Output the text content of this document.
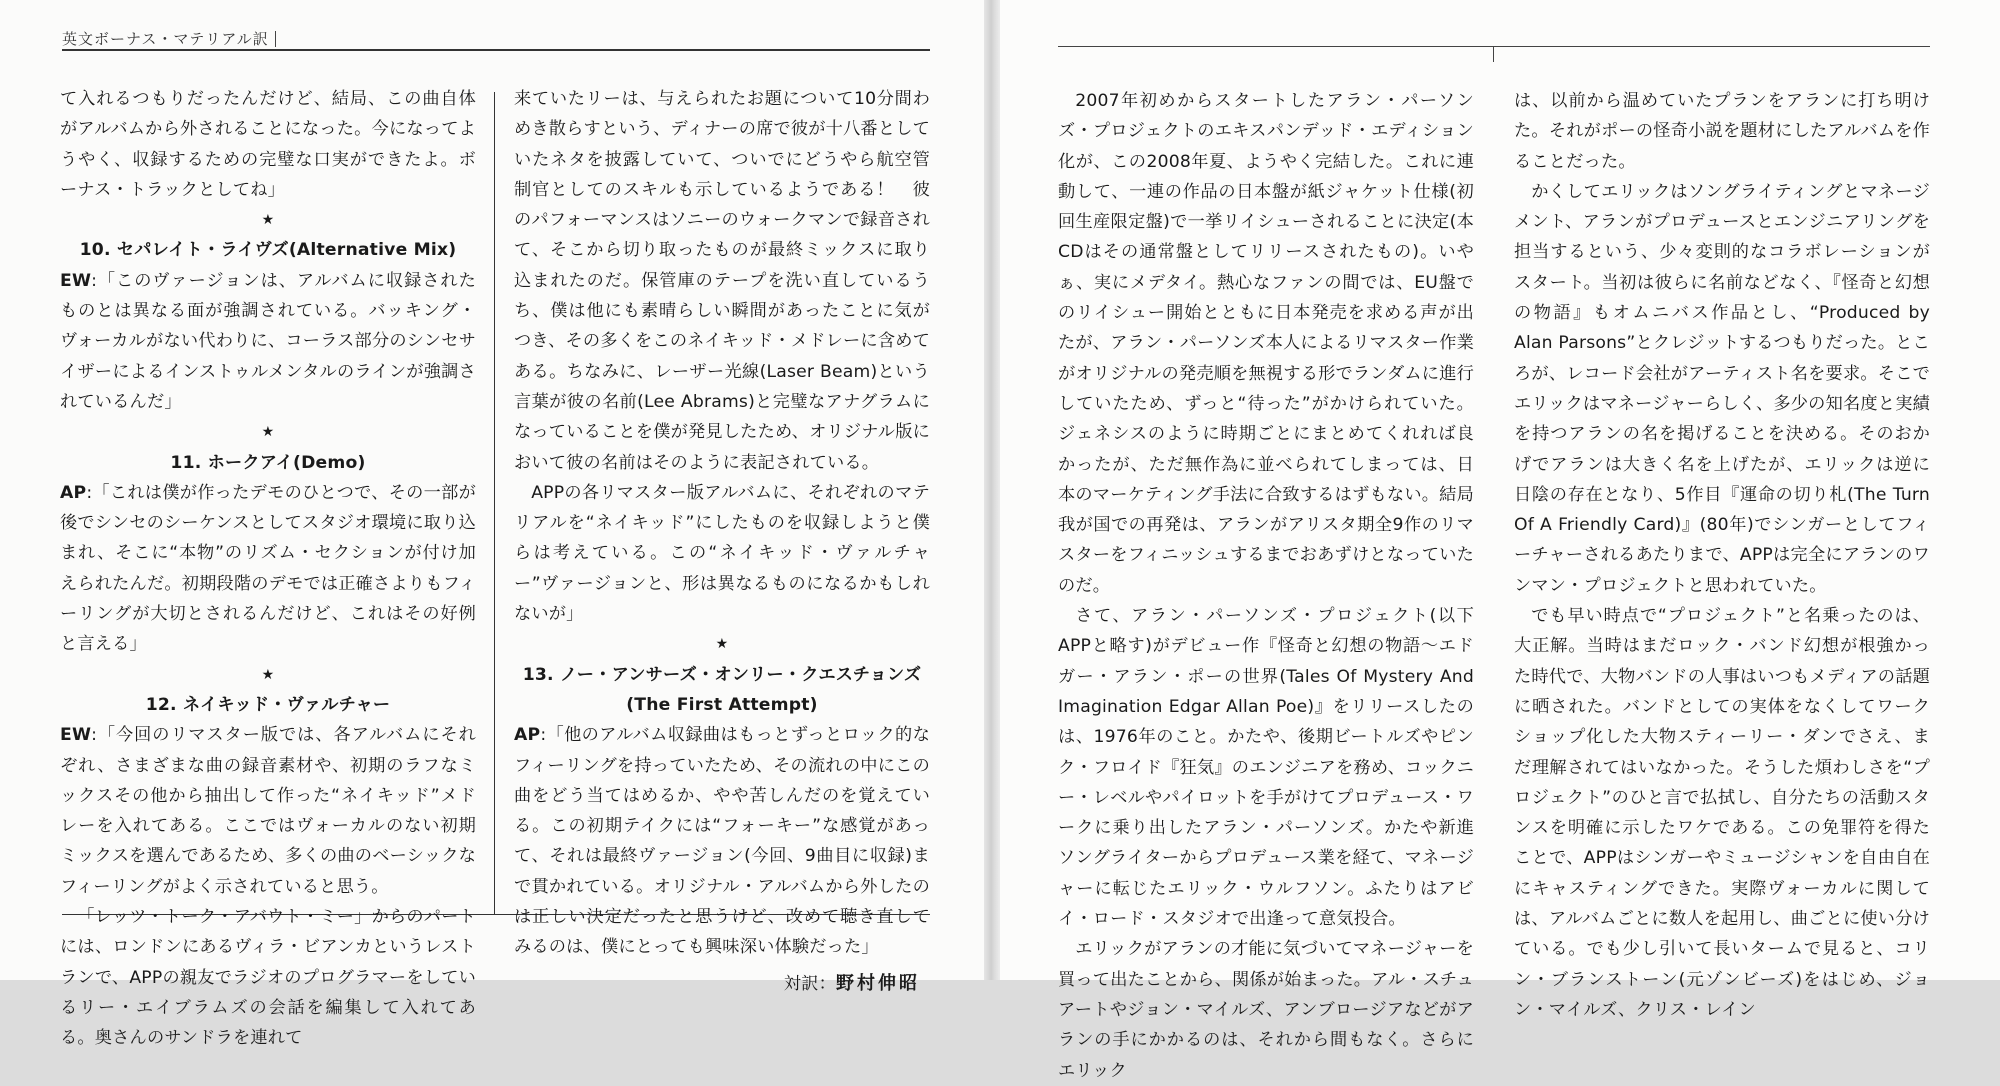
英文ボーナス・マテリアル訳

て入れるつもりだったんだけど、結局、この曲自体がアルバムから外されることになった。今になってようやく、収録するための完璧な口実ができたよ。ボーナス・トラックとしてね」

★

10. セパレイト・ライヴズ(Alternative Mix)

EW:「このヴァージョンは、アルバムに収録されたものとは異なる面が強調されている。バッキング・ヴォーカルがない代わりに、コーラス部分のシンセサイザーによるインストゥルメンタルのラインが強調されているんだ」

★

11. ホークアイ(Demo)

AP:「これは僕が作ったデモのひとつで、その一部が後でシンセのシーケンスとしてスタジオ環境に取り込まれ、そこに“本物”のリズム・セクションが付け加えられたんだ。初期段階のデモでは正確さよりもフィーリングが大切とされるんだけど、これはその好例と言える」

★

12. ネイキッド・ヴァルチャー

EW:「今回のリマスター版では、各アルバムにそれぞれ、さまざまな曲の録音素材や、初期のラフなミックスその他から抽出して作った“ネイキッド”メドレーを入れてある。ここではヴォーカルのない初期ミックスを選んであるため、多くの曲のベーシックなフィーリングがよく示されていると思う。

「レッツ・トーク・アバウト・ミー」からのパートには、ロンドンにあるヴィラ・ビアンカというレストランで、APPの親友でラジオのプログラマーをしているリー・エイブラムズの会話を編集して入れてある。奥さんのサンドラを連れて

来ていたリーは、与えられたお題について10分間わめき散らすという、ディナーの席で彼が十八番としていたネタを披露していて、ついでにどうやら航空管制官としてのスキルも示しているようである！　彼のパフォーマンスはソニーのウォークマンで録音されて、そこから切り取ったものが最終ミックスに取り込まれたのだ。保管庫のテープを洗い直しているうち、僕は他にも素晴らしい瞬間があったことに気がつき、その多くをこのネイキッド・メドレーに含めてある。ちなみに、レーザー光線(Laser Beam)という言葉が彼の名前(Lee Abrams)と完璧なアナグラムになっていることを僕が発見したため、オリジナル版において彼の名前はそのように表記されている。

APPの各リマスター版アルバムに、それぞれのマテリアルを“ネイキッド”にしたものを収録しようと僕らは考えている。この“ネイキッド・ヴァルチャー”ヴァージョンと、形は異なるものになるかもしれないが」

★

13. ノー・アンサーズ・オンリー・クエスチョンズ

(The First Attempt)

AP:「他のアルバム収録曲はもっとずっとロック的なフィーリングを持っていたため、その流れの中にこの曲をどう当てはめるか、やや苦しんだのを覚えている。この初期テイクには“フォーキー”な感覚があって、それは最終ヴァージョン(今回、9曲目に収録)まで貫かれている。オリジナル・アルバムから外したのは正しい決定だったと思うけど、改めて聴き直してみるのは、僕にとっても興味深い体験だった」

対訳：野村伸昭

2007年初めからスタートしたアラン・パーソンズ・プロジェクトのエキスパンデッド・エディション化が、この2008年夏、ようやく完結した。これに連動して、一連の作品の日本盤が紙ジャケット仕様(初回生産限定盤)で一挙リイシューされることに決定(本CDはその通常盤としてリリースされたもの)。いやぁ、実にメデタイ。熱心なファンの間では、EU盤でのリイシュー開始とともに日本発売を求める声が出たが、アラン・パーソンズ本人によるリマスター作業がオリジナルの発売順を無視する形でランダムに進行していたため、ずっと“待った”がかけられていた。ジェネシスのように時期ごとにまとめてくれれば良かったが、ただ無作為に並べられてしまっては、日本のマーケティング手法に合致するはずもない。結局我が国での再発は、アランがアリスタ期全9作のリマスターをフィニッシュするまでおあずけとなっていたのだ。

さて、アラン・パーソンズ・プロジェクト(以下APPと略す)がデビュー作『怪奇と幻想の物語〜エドガー・アラン・ポーの世界(Tales Of Mystery And Imagination Edgar Allan Poe)』をリリースしたのは、1976年のこと。かたや、後期ビートルズやピンク・フロイド『狂気』のエンジニアを務め、コックニー・レベルやパイロットを手がけてプロデュース・ワークに乗り出したアラン・パーソンズ。かたや新進ソングライターからプロデュース業を経て、マネージャーに転じたエリック・ウルフソン。ふたりはアビイ・ロード・スタジオで出逢って意気投合。

エリックがアランの才能に気づいてマネージャーを買って出たことから、関係が始まった。アル・スチュアートやジョン・マイルズ、アンブロージアなどがアランの手にかかるのは、それから間もなく。さらにエリック

は、以前から温めていたプランをアランに打ち明けた。それがポーの怪奇小説を題材にしたアルバムを作ることだった。

かくしてエリックはソングライティングとマネージメント、アランがプロデュースとエンジニアリングを担当するという、少々変則的なコラボレーションがスタート。当初は彼らに名前などなく、『怪奇と幻想の物語』もオムニバス作品とし、“Produced by Alan Parsons”とクレジットするつもりだった。ところが、レコード会社がアーティスト名を要求。そこでエリックはマネージャーらしく、多少の知名度と実績を持つアランの名を掲げることを決める。そのおかげでアランは大きく名を上げたが、エリックは逆に日陰の存在となり、5作目『運命の切り札(The Turn Of A Friendly Card)』(80年)でシンガーとしてフィーチャーされるあたりまで、APPは完全にアランのワンマン・プロジェクトと思われていた。

でも早い時点で“プロジェクト”と名乗ったのは、大正解。当時はまだロック・バンド幻想が根強かった時代で、大物バンドの人事はいつもメディアの話題に晒された。バンドとしての実体をなくしてワークショップ化した大物スティーリー・ダンでさえ、まだ理解されてはいなかった。そうした煩わしさを“プロジェクト”のひと言で払拭し、自分たちの活動スタンスを明確に示したワケである。この免罪符を得たことで、APPはシンガーやミュージシャンを自由自在にキャスティングできた。実際ヴォーカルに関しては、アルバムごとに数人を起用し、曲ごとに使い分けている。でも少し引いて長いタームで見ると、コリン・ブランストーン(元ゾンビーズ)をはじめ、ジョン・マイルズ、クリス・レイン
